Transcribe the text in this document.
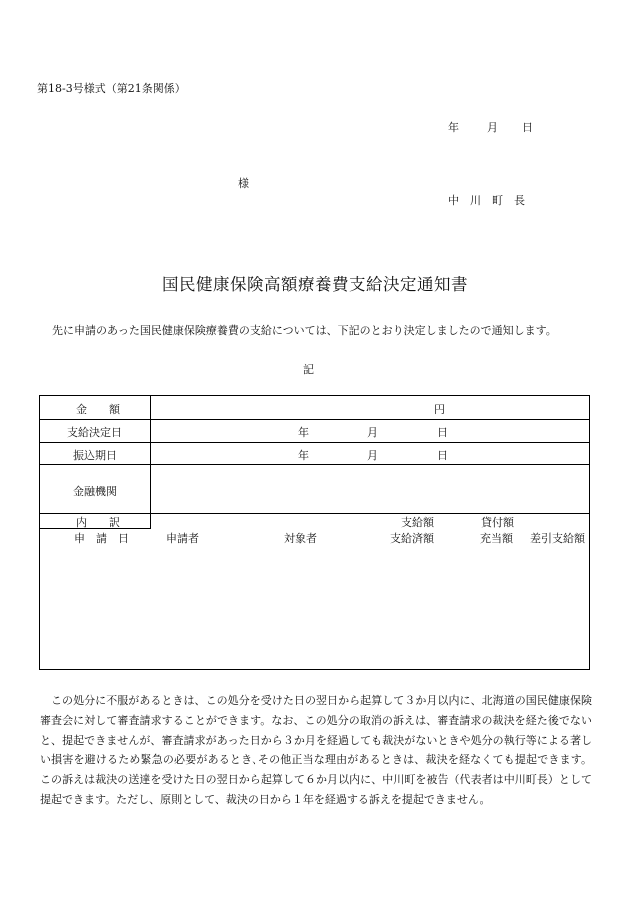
第18-3号様式（第21条関係）
年	月 日
様
中川町長
国民健康保険高額療養費支給決定通知書
先に申請のあった国民健康保険療養費の支給については、下記のとおり決定しましたので通知します。
記
金　　額	円
支給決定日	年	月	日
振込期日	年	月	日
金融機関
内　　訳	支給額	貸付額
申　請　日	申請者	対象者	支給済額	充当額 差引支給額

この処分に不服があるときは、この処分を受けた日の翌日から起算して３か月以内に、北海道の国民健康保険審査会に対して審査請求することができます。なお、この処分の取消の訴えは、審査請求の裁決を経た後でないと、提起できませんが、審査請求があった日から３か月を経過しても裁決がないときや処分の執行等による著しい損害を避けるため緊急の必要があるとき､その他正当な理由があるときは、裁決を経なくても提起できます。この訴えは裁決の送達を受けた日の翌日から起算して６か月以内に、中川町を被告（代表者は中川町長）として提起できます。ただし、原則として、裁決の日から１年を経過する訴えを提起できません。
